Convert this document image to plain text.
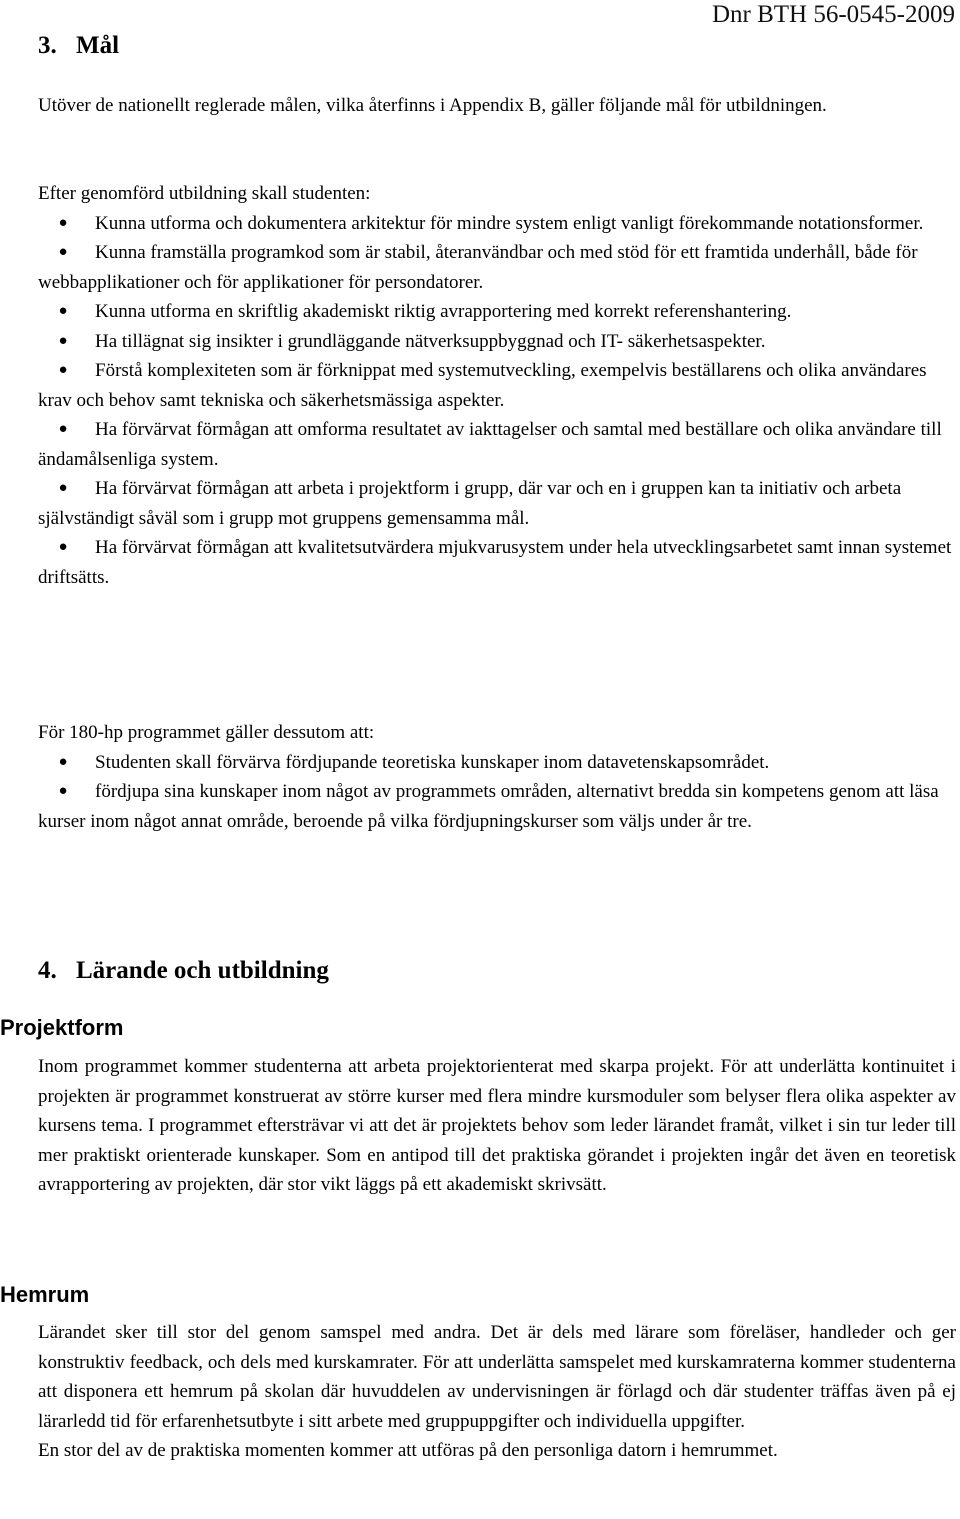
Dnr BTH 56-0545-2009
3. Mål

Utöver de nationellt reglerade målen, vilka återfinns i Appendix B, gäller följande mål för utbildningen.

Efter genomförd utbildning skall studenten:

● Kunna utforma och dokumentera arkitektur för mindre system enligt vanligt förekommande notationsformer.
● Kunna framställa programkod som är stabil, återanvändbar och med stöd för ett framtida underhåll, både för webbapplikationer och för applikationer för persondatorer.
● Kunna utforma en skriftlig akademiskt riktig avrapportering med korrekt referenshantering.
● Ha tillägnat sig insikter i grundläggande nätverksuppbyggnad och IT- säkerhetsaspekter.
● Förstå komplexiteten som är förknippat med systemutveckling, exempelvis beställarens och olika användares krav och behov samt tekniska och säkerhetsmässiga aspekter.
● Ha förvärvat förmågan att omforma resultatet av iakttagelser och samtal med beställare och olika användare till ändamålsenliga system.
● Ha förvärvat förmågan att arbeta i projektform i grupp, där var och en i gruppen kan ta initiativ och arbeta självständigt såväl som i grupp mot gruppens gemensamma mål.
● Ha förvärvat förmågan att kvalitetsutvärdera mjukvarusystem under hela utvecklingsarbetet samt innan systemet driftsätts.

För 180-hp programmet gäller dessutom att:

● Studenten skall förvärva fördjupande teoretiska kunskaper inom datavetenskapsområdet.
● fördjupa sina kunskaper inom något av programmets områden, alternativt bredda sin kompetens genom att läsa kurser inom något annat område, beroende på vilka fördjupningskurser som väljs under år tre.
4. Lärande och utbildning
Projektform

Inom programmet kommer studenterna att arbeta projektorienterat med skarpa projekt. För att underlätta kontinuitet i projekten är programmet konstruerat av större kurser med flera mindre kursmoduler som belyser flera olika aspekter av kursens tema. I programmet eftersträvar vi att det är projektets behov som leder lärandet framåt, vilket i sin tur leder till mer praktiskt orienterade kunskaper. Som en antipod till det praktiska görandet i projekten ingår det även en teoretisk avrapportering av projekten, där stor vikt läggs på ett akademiskt skrivsätt.

Hemrum

Lärandet sker till stor del genom samspel med andra. Det är dels med lärare som föreläser, handleder och ger konstruktiv feedback, och dels med kurskamrater. För att underlätta samspelet med kurskamraterna kommer studenterna att disponera ett hemrum på skolan där huvuddelen av undervisningen är förlagd och där studenter träffas även på ej lärarledd tid för erfarenhetsutbyte i sitt arbete med gruppuppgifter och individuella uppgifter.

En stor del av de praktiska momenten kommer att utföras på den personliga datorn i hemrummet.
